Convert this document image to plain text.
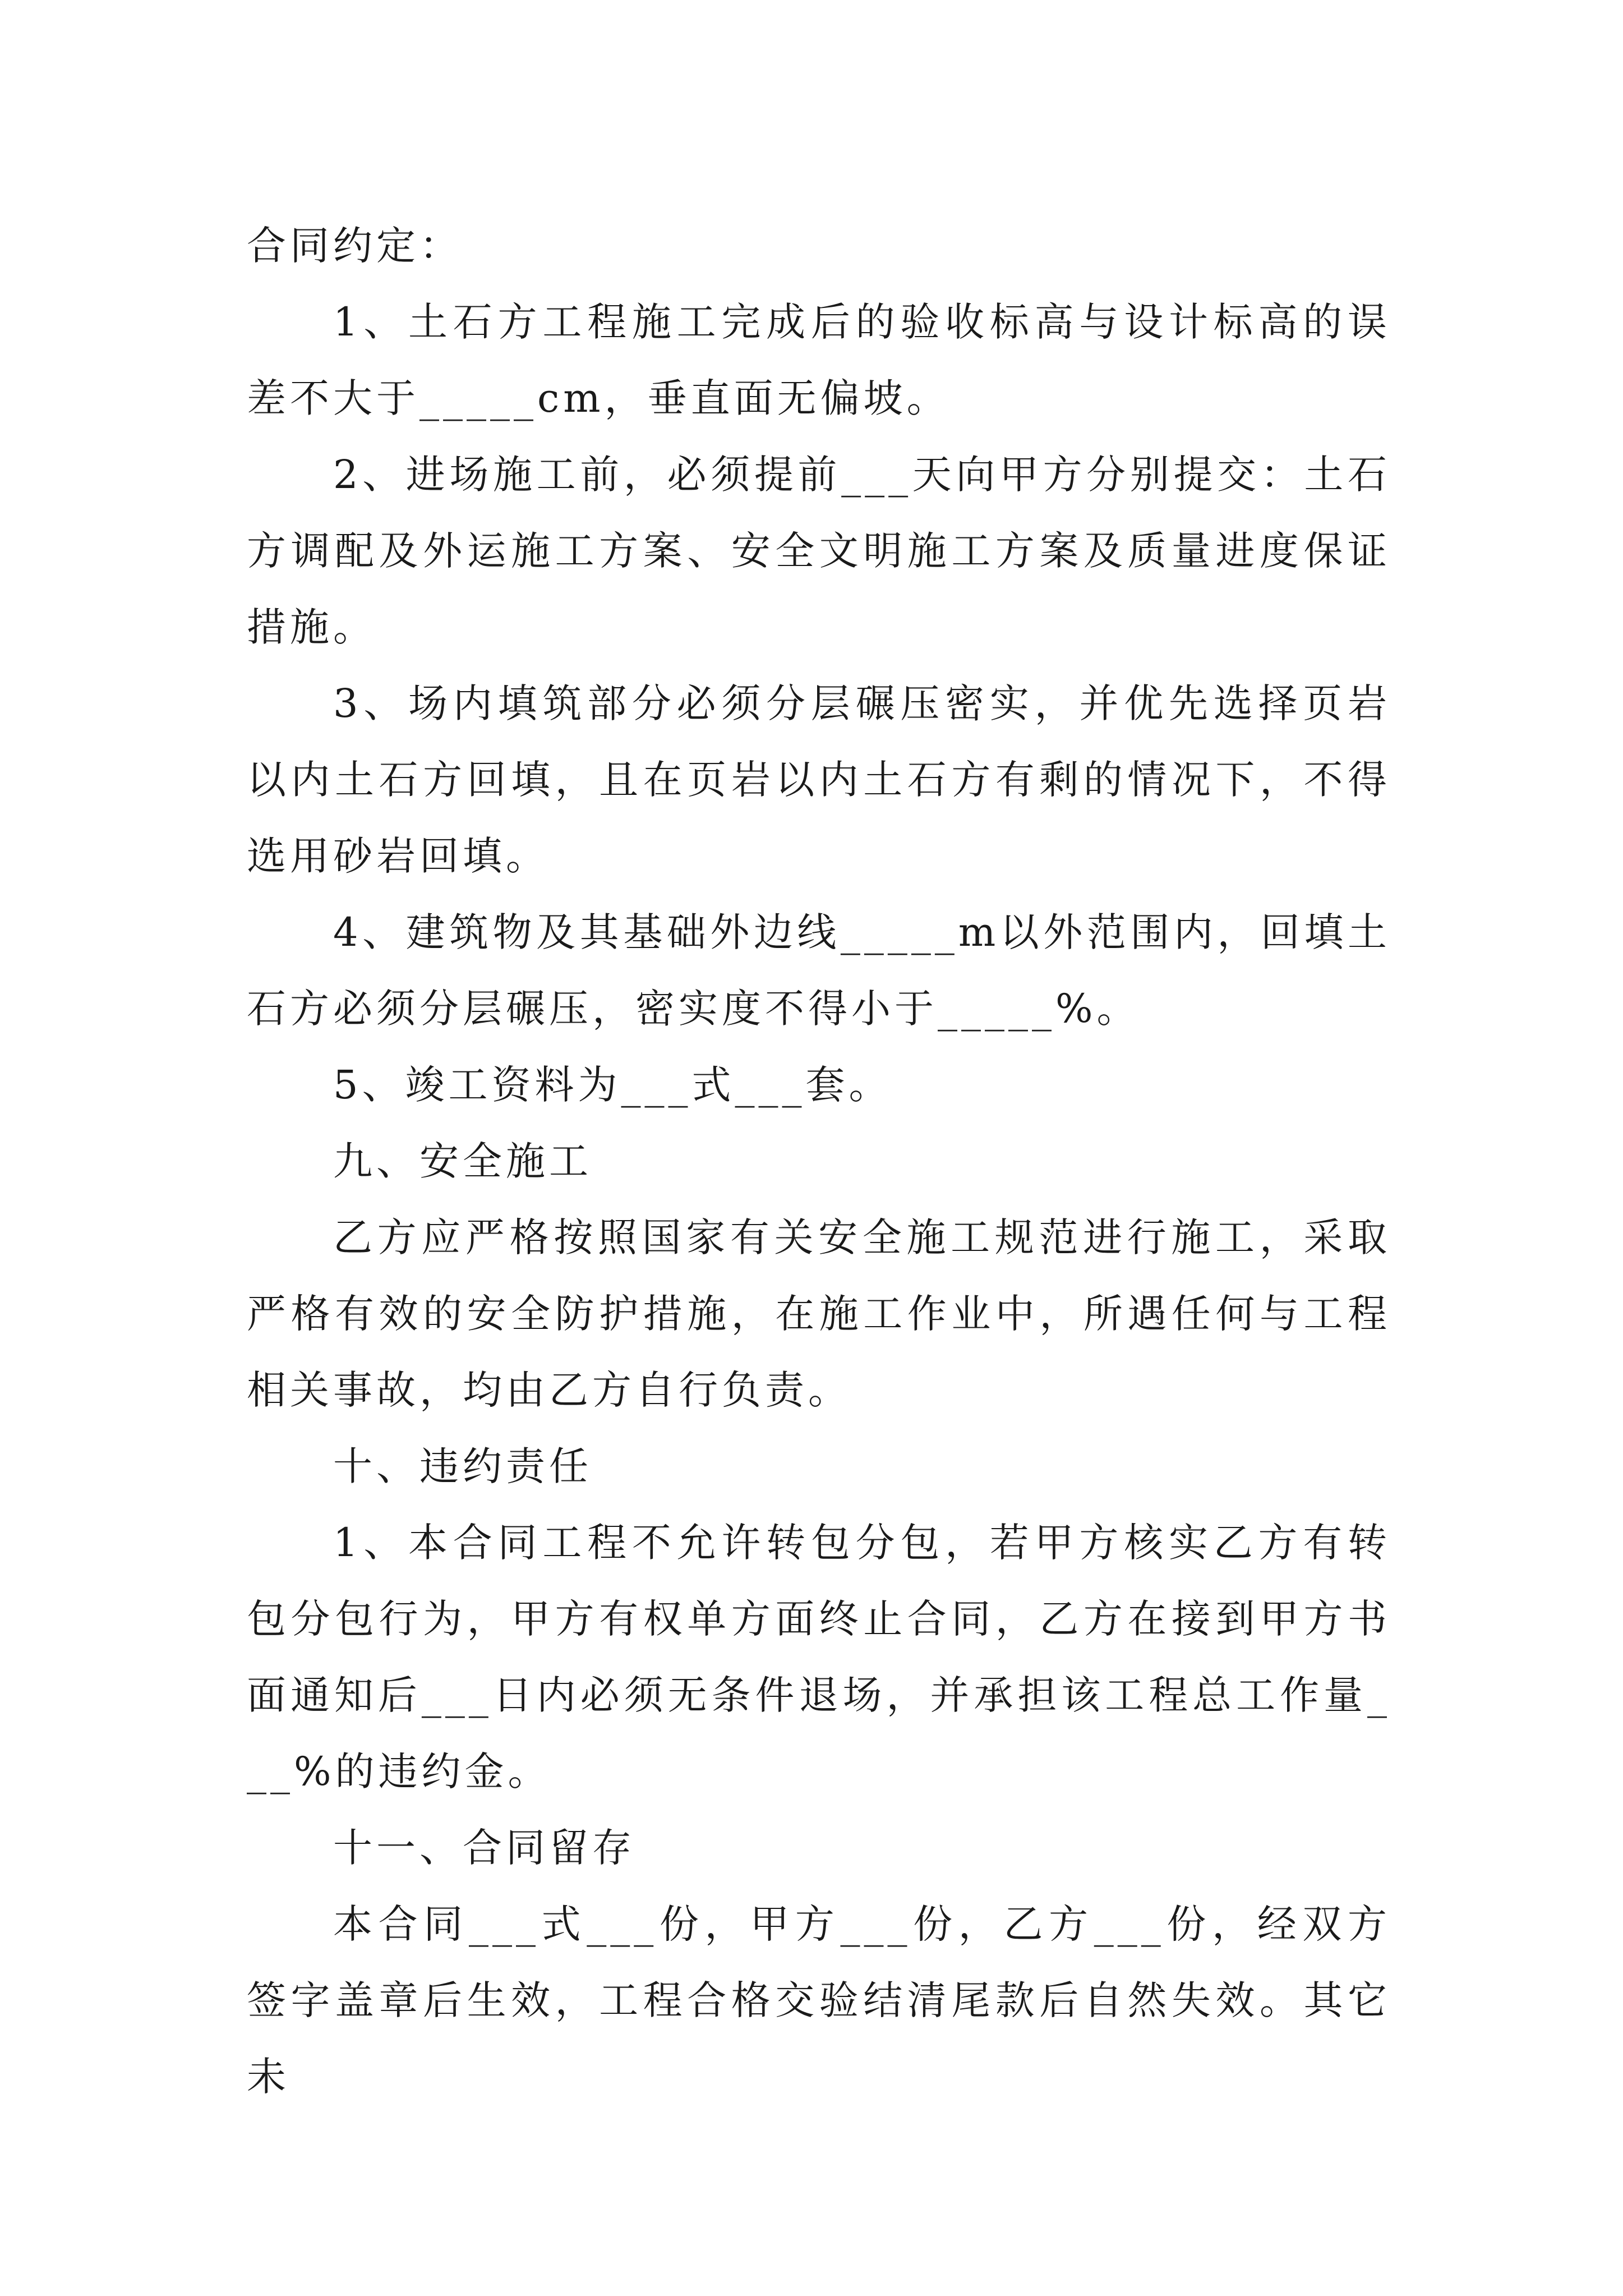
合同约定：

1、土石方工程施工完成后的验收标高与设计标高的误差不大于_____cm，垂直面无偏坡。

2、进场施工前，必须提前___天向甲方分别提交：土石方调配及外运施工方案、安全文明施工方案及质量进度保证措施。

3、场内填筑部分必须分层碾压密实，并优先选择页岩以内土石方回填，且在页岩以内土石方有剩的情况下，不得选用砂岩回填。

4、建筑物及其基础外边线_____m以外范围内，回填土石方必须分层碾压，密实度不得小于_____%。

5、竣工资料为___式___套。

九、安全施工

乙方应严格按照国家有关安全施工规范进行施工，采取严格有效的安全防护措施，在施工作业中，所遇任何与工程相关事故，均由乙方自行负责。

十、违约责任

1、本合同工程不允许转包分包，若甲方核实乙方有转包分包行为，甲方有权单方面终止合同，乙方在接到甲方书面通知后___日内必须无条件退场，并承担该工程总工作量___%的违约金。

十一、合同留存

本合同___式___份，甲方___份，乙方___份，经双方签字盖章后生效，工程合格交验结清尾款后自然失效。其它未
